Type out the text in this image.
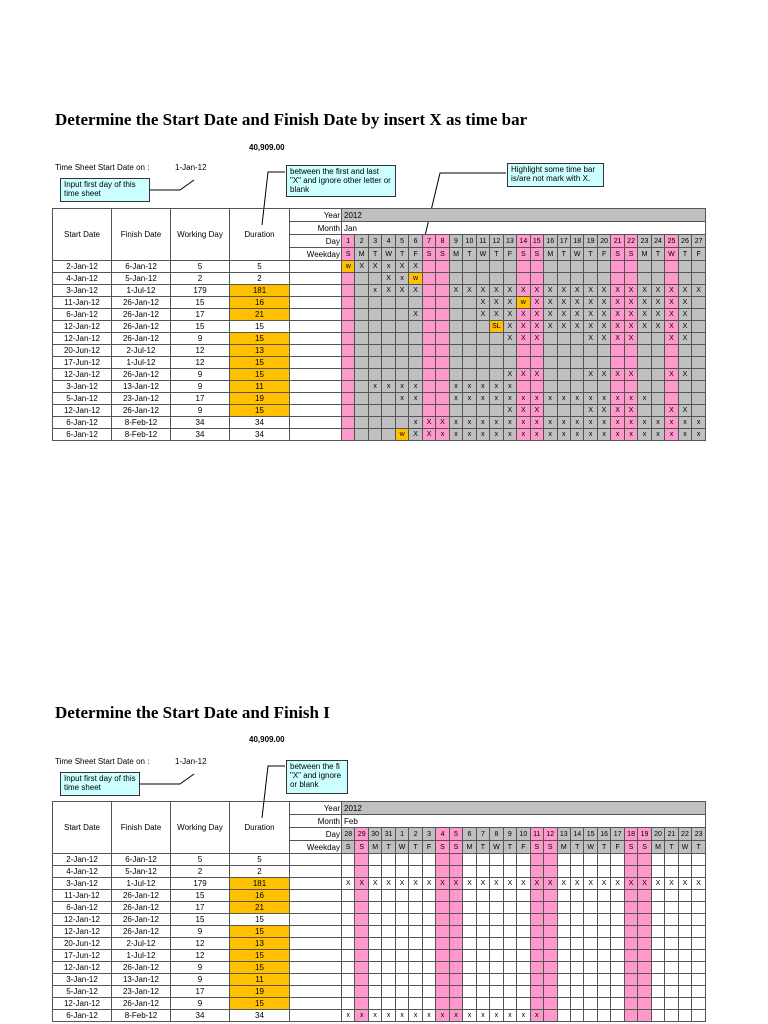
Determine the Start Date and Finish Date by insert X as time bar
40,909.00
Time Sheet Start Date on :	1-Jan-12
Input first day of this time sheet
between the first and last "X" and ignore other letter or blank
Highlight some time bar is/are not mark with X.
Start Date	Finish Date	Working Day	Duration	Year	2012																										
				Month	Jan																										
				Day	1	2	3	4	5	6	7	8	9	10	11	12	13	14	15	16	17	18	19	20	21	22	23	24	25	26	27
				Weekday	S	M	T	W	T	F	S	S	M	T	W	T	F	S	S	M	T	W	T	F	S	S	M	T	W	T	F
2-Jan-12	6-Jan-12	5	5		w	X	X	x	X	X																					
4-Jan-12	5-Jan-12	2	2					X	x	w																					
3-Jan-12	1-Jul-12	179	181				x	X	X	X			X	X	X	X	X	X	X	X	X	X	X	X	X	X	X	X	X	X	X
11-Jan-12	26-Jan-12	15	16												X	X	X	w	X	X	X	X	X	X	X	X	X	X	X	X	
6-Jan-12	26-Jan-12	17	21							X					X	X	X	X	X	X	X	X	X	X	X	X	X	X	X	X	
12-Jan-12	26-Jan-12	15	15													SL	X	X	X	X	X	X	X	X	X	X	X	X	X	X	
12-Jan-12	26-Jan-12	9	15														X	X	X				X	X	X	X			X	X	
20-Jun-12	2-Jul-12	12	13																												
17-Jun-12	1-Jul-12	12	15																												
12-Jan-12	26-Jan-12	9	15														X	X	X				X	X	X	X			X	X	
3-Jan-12	13-Jan-12	9	11				x	x	x	x			x	x	x	x	x														
5-Jan-12	23-Jan-12	17	19						x	x			x	x	x	x	x	x	x	x	x	x	x	x	x	x	x				
12-Jan-12	26-Jan-12	9	15														X	X	X				X	X	X	X			X	X	
6-Jan-12	8-Feb-12	34	34							x	X	X	x	x	x	x	x	x	x	x	x	x	x	x	x	x	x	x	x	x	x
6-Jan-12	8-Feb-12	34	34						w	X	X	x	x	x	x	x	x	x	x	x	x	x	x	x	x	x	x	x	x	x	x
Determine the Start Date and Finish I
40,909.00
Time Sheet Start Date on :	1-Jan-12
Input first day of this time sheet
between the fi "X" and ignore or blank
Start Date	Finish Date	Working Day	Duration	Year	2012																										
				Month	Feb																										
				Day	28	29	30	31	1	2	3	4	5	6	7	8	9	10	11	12	13	14	15	16	17	18	19	20	21	22	23
				Weekday	S	S	M	T	W	T	F	S	S	M	T	W	T	F	S	S	M	T	W	T	F	S	S	M	T	W	T
2-Jan-12	6-Jan-12	5	5																												
4-Jan-12	5-Jan-12	2	2																												
3-Jan-12	1-Jul-12	179	181		X	X	X	X	X	X	X	X	X	X	X	X	X	X	X	X	X	X	X	X	X	X	X	X	X	X	X
11-Jan-12	26-Jan-12	15	16																												
6-Jan-12	26-Jan-12	17	21																												
12-Jan-12	26-Jan-12	15	15																												
12-Jan-12	26-Jan-12	9	15																												
20-Jun-12	2-Jul-12	12	13																												
17-Jun-12	1-Jul-12	12	15																												
12-Jan-12	26-Jan-12	9	15																												
3-Jan-12	13-Jan-12	9	11																												
5-Jan-12	23-Jan-12	17	19																												
12-Jan-12	26-Jan-12	9	15																												
6-Jan-12	8-Feb-12	34	34		x	x	x	x	x	x	x	x	x	x	x	x	x	x	x												
